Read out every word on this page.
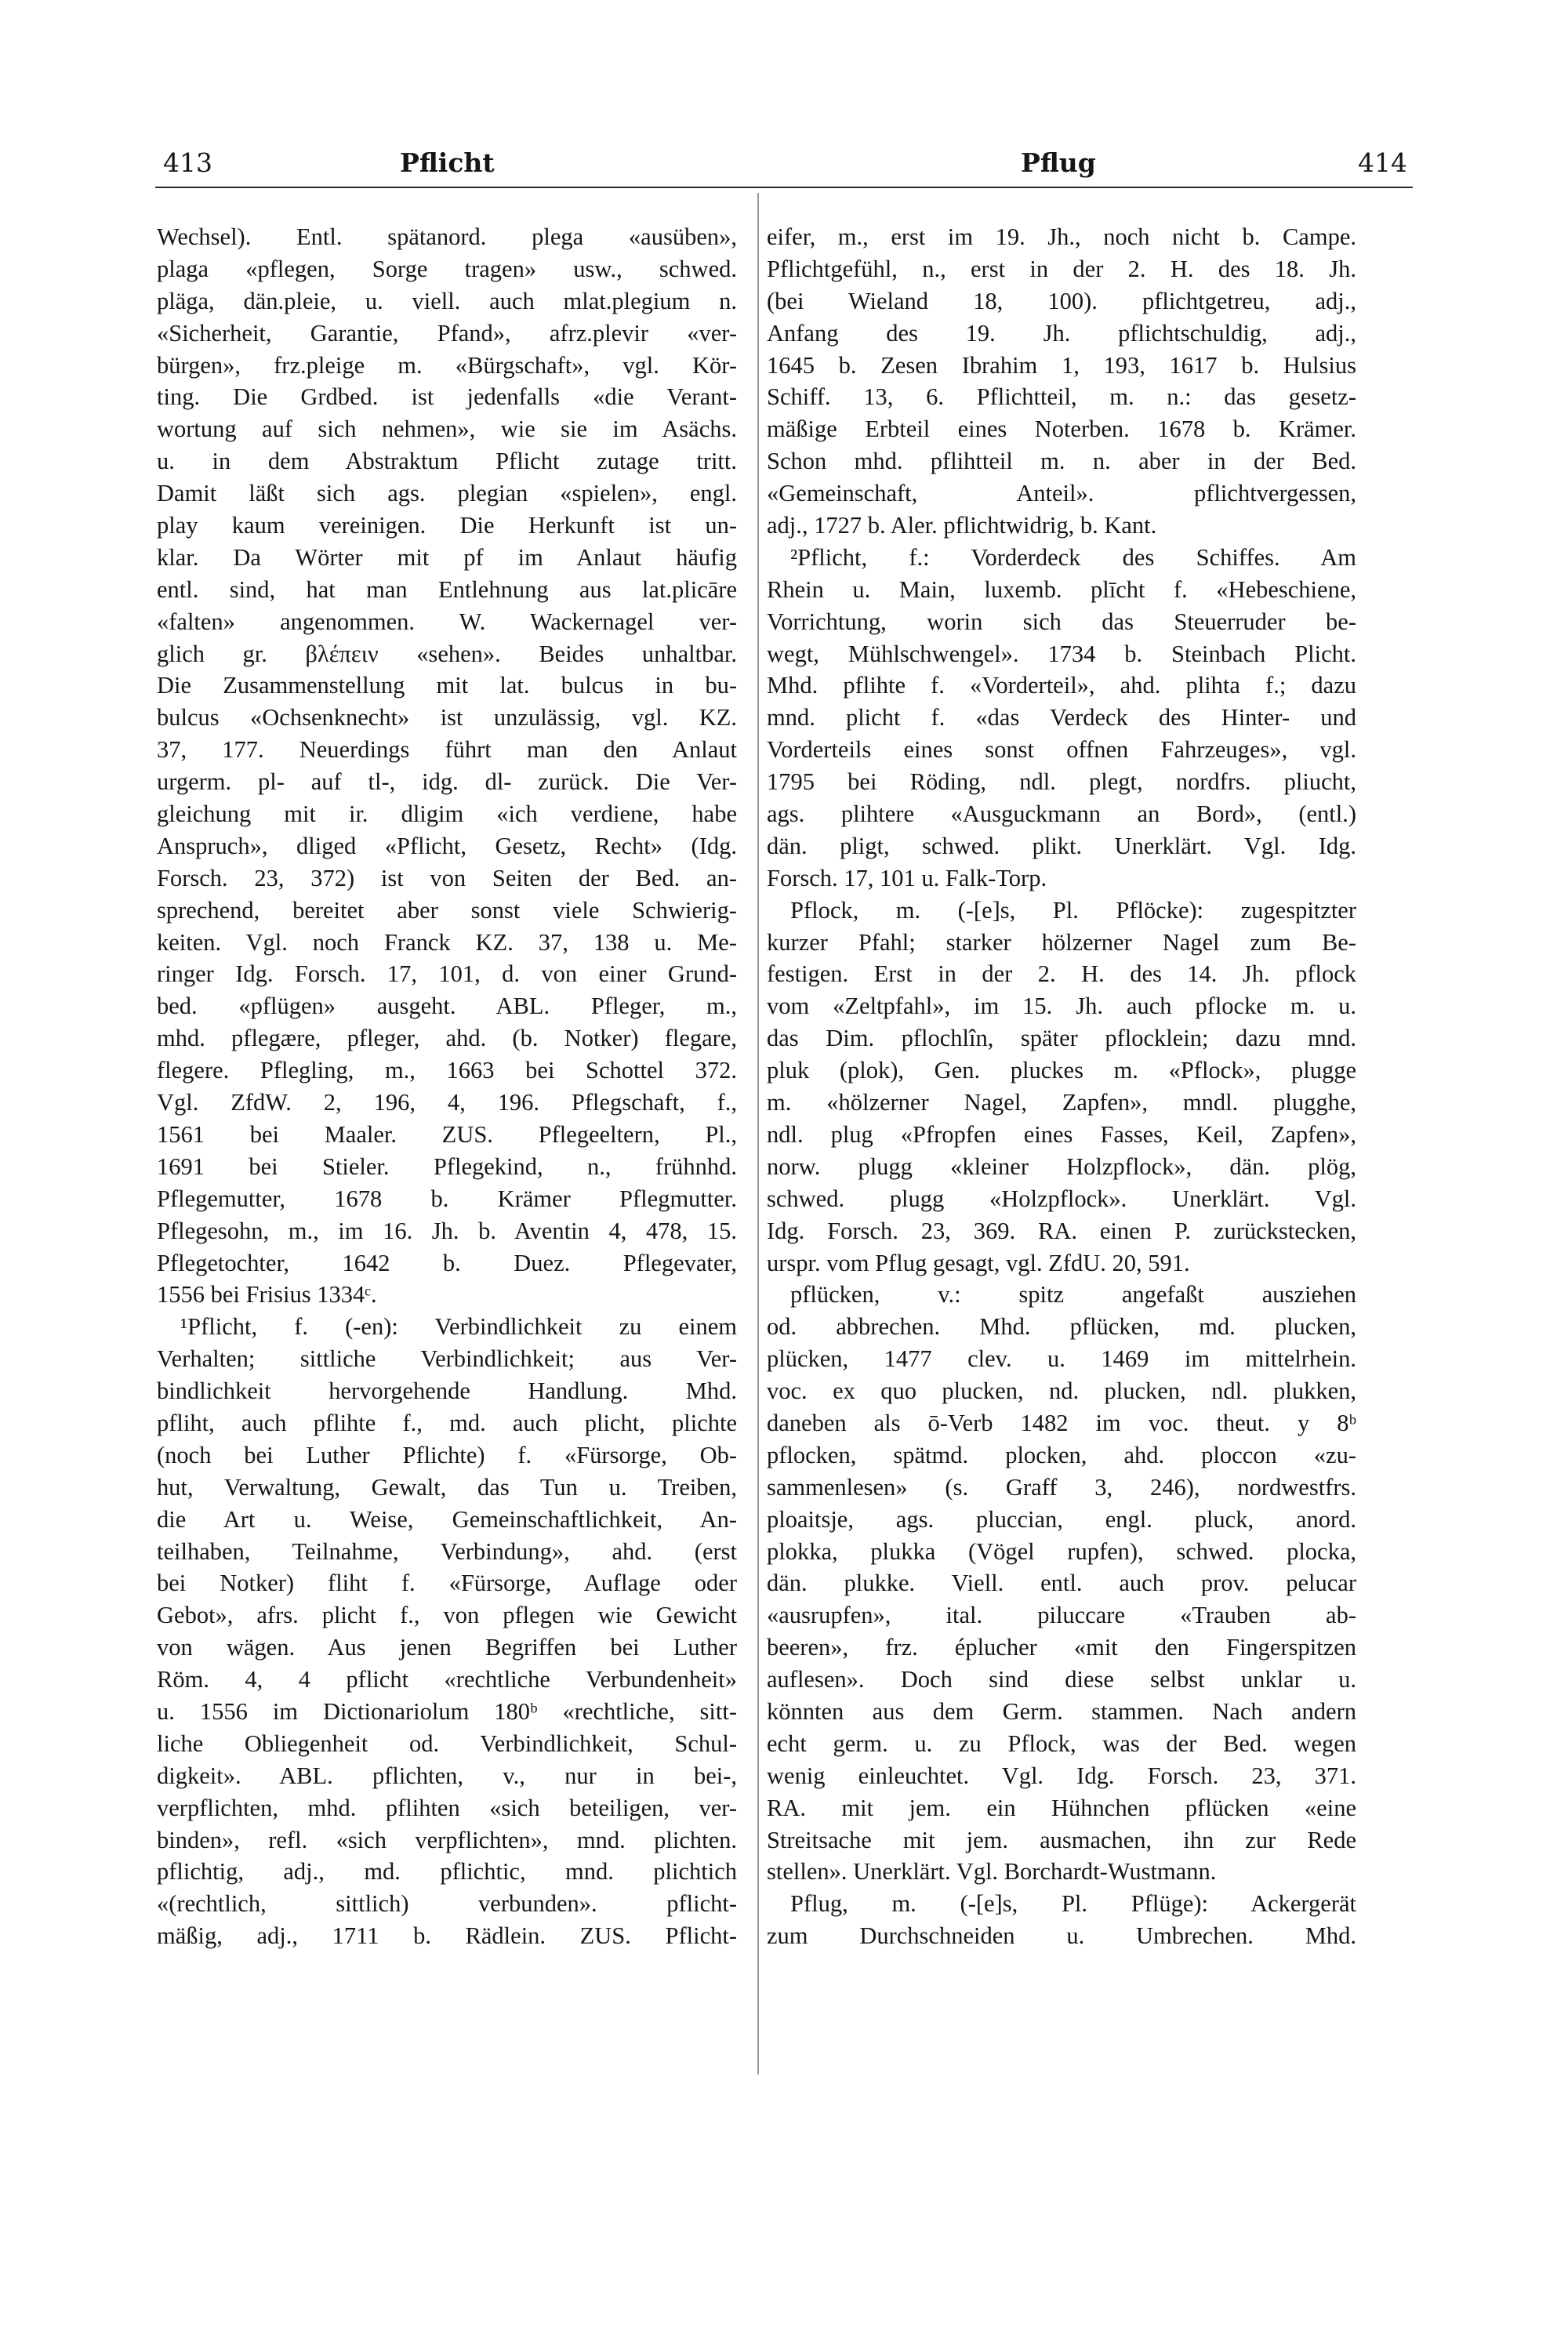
413	Pflicht	Pflug	414
Wechsel). Entl. spätanord. plega «ausüben»,
plaga «pflegen, Sorge tragen» usw., schwed.
pläga, dän.pleie, u. viell. auch mlat.plegium n.
«Sicherheit, Garantie, Pfand», afrz.plevir «ver-
bürgen», frz.pleige m. «Bürgschaft», vgl. Kör-
ting. Die Grdbed. ist jedenfalls «die Verant-
wortung auf sich nehmen», wie sie im Asächs.
u. in dem Abstraktum Pflicht zutage tritt.
Damit läßt sich ags. plegian «spielen», engl.
play kaum vereinigen. Die Herkunft ist un-
klar. Da Wörter mit pf im Anlaut häufig
entl. sind, hat man Entlehnung aus lat.plicāre
«falten» angenommen. W. Wackernagel ver-
glich gr. βλέπειν «sehen». Beides unhaltbar.
Die Zusammenstellung mit lat. bulcus in bu-
bulcus «Ochsenknecht» ist unzulässig, vgl. KZ.
37, 177. Neuerdings führt man den Anlaut
urgerm. pl- auf tl-, idg. dl- zurück. Die Ver-
gleichung mit ir. dligim «ich verdiene, habe
Anspruch», dliged «Pflicht, Gesetz, Recht» (Idg.
Forsch. 23, 372) ist von Seiten der Bed. an-
sprechend, bereitet aber sonst viele Schwierig-
keiten. Vgl. noch Franck KZ. 37, 138 u. Me-
ringer Idg. Forsch. 17, 101, d. von einer Grund-
bed. «pflügen» ausgeht. ABL. Pfleger, m.,
mhd. pflegære, pfleger, ahd. (b. Notker) flegare,
flegere. Pflegling, m., 1663 bei Schottel 372.
Vgl. ZfdW. 2, 196, 4, 196. Pflegschaft, f.,
1561 bei Maaler. ZUS. Pflegeeltern, Pl.,
1691 bei Stieler. Pflegekind, n., frühnhd.
Pflegemutter, 1678 b. Krämer Pflegmutter.
Pflegesohn, m., im 16. Jh. b. Aventin 4, 478, 15.
Pflegetochter, 1642 b. Duez. Pflegevater,
1556 bei Frisius 1334ᶜ.
¹Pflicht, f. (-en): Verbindlichkeit zu einem
Verhalten; sittliche Verbindlichkeit; aus Ver-
bindlichkeit hervorgehende Handlung. Mhd.
pfliht, auch pflihte f., md. auch plicht, plichte
(noch bei Luther Pflichte) f. «Fürsorge, Ob-
hut, Verwaltung, Gewalt, das Tun u. Treiben,
die Art u. Weise, Gemeinschaftlichkeit, An-
teilhaben, Teilnahme, Verbindung», ahd. (erst
bei Notker) fliht f. «Fürsorge, Auflage oder
Gebot», afrs. plicht f., von pflegen wie Gewicht
von wägen. Aus jenen Begriffen bei Luther
Röm. 4, 4 pflicht «rechtliche Verbundenheit»
u. 1556 im Dictionariolum 180ᵇ «rechtliche, sitt-
liche Obliegenheit od. Verbindlichkeit, Schul-
digkeit». ABL. pflichten, v., nur in bei-,
verpflichten, mhd. pflihten «sich beteiligen, ver-
binden», refl. «sich verpflichten», mnd. plichten.
pflichtig, adj., md. pflichtic, mnd. plichtich
«(rechtlich, sittlich) verbunden». pflicht-
mäßig, adj., 1711 b. Rädlein. ZUS. Pflicht-
eifer, m., erst im 19. Jh., noch nicht b. Campe.
Pflichtgefühl, n., erst in der 2. H. des 18. Jh.
(bei Wieland 18, 100). pflichtgetreu, adj.,
Anfang des 19. Jh. pflichtschuldig, adj.,
1645 b. Zesen Ibrahim 1, 193, 1617 b. Hulsius
Schiff. 13, 6. Pflichtteil, m. n.: das gesetz-
mäßige Erbteil eines Noterben. 1678 b. Krämer.
Schon mhd. pflihtteil m. n. aber in der Bed.
«Gemeinschaft, Anteil». pflichtvergessen,
adj., 1727 b. Aler. pflichtwidrig, b. Kant.
²Pflicht, f.: Vorderdeck des Schiffes. Am
Rhein u. Main, luxemb. plīcht f. «Hebeschiene,
Vorrichtung, worin sich das Steuerruder be-
wegt, Mühlschwengel». 1734 b. Steinbach Plicht.
Mhd. pflihte f. «Vorderteil», ahd. plihta f.; dazu
mnd. plicht f. «das Verdeck des Hinter- und
Vorderteils eines sonst offnen Fahrzeuges», vgl.
1795 bei Röding, ndl. plegt, nordfrs. pliucht,
ags. plihtere «Ausguckmann an Bord», (entl.)
dän. pligt, schwed. plikt. Unerklärt. Vgl. Idg.
Forsch. 17, 101 u. Falk-Torp.
Pflock, m. (-[e]s, Pl. Pflöcke): zugespitzter
kurzer Pfahl; starker hölzerner Nagel zum Be-
festigen. Erst in der 2. H. des 14. Jh. pflock
vom «Zeltpfahl», im 15. Jh. auch pflocke m. u.
das Dim. pflochlîn, später pflocklein; dazu mnd.
pluk (plok), Gen. pluckes m. «Pflock», plugge
m. «hölzerner Nagel, Zapfen», mndl. plugghe,
ndl. plug «Pfropfen eines Fasses, Keil, Zapfen»,
norw. plugg «kleiner Holzpflock», dän. plög,
schwed. plugg «Holzpflock». Unerklärt. Vgl.
Idg. Forsch. 23, 369. RA. einen P. zurückstecken,
urspr. vom Pflug gesagt, vgl. ZfdU. 20, 591.
pflücken, v.: spitz angefaßt ausziehen
od. abbrechen. Mhd. pflücken, md. plucken,
plücken, 1477 clev. u. 1469 im mittelrhein.
voc. ex quo plucken, nd. plucken, ndl. plukken,
daneben als ō-Verb 1482 im voc. theut. y 8ᵇ
pflocken, spätmd. plocken, ahd. ploccon «zu-
sammenlesen» (s. Graff 3, 246), nordwestfrs.
ploaitsje, ags. pluccian, engl. pluck, anord.
plokka, plukka (Vögel rupfen), schwed. plocka,
dän. plukke. Viell. entl. auch prov. pelucar
«ausrupfen», ital. piluccare «Trauben ab-
beeren», frz. éplucher «mit den Fingerspitzen
auflesen». Doch sind diese selbst unklar u.
könnten aus dem Germ. stammen. Nach andern
echt germ. u. zu Pflock, was der Bed. wegen
wenig einleuchtet. Vgl. Idg. Forsch. 23, 371.
RA. mit jem. ein Hühnchen pflücken «eine
Streitsache mit jem. ausmachen, ihn zur Rede
stellen». Unerklärt. Vgl. Borchardt-Wustmann.
Pflug, m. (-[e]s, Pl. Pflüge): Ackergerät
zum Durchschneiden u. Umbrechen. Mhd.
